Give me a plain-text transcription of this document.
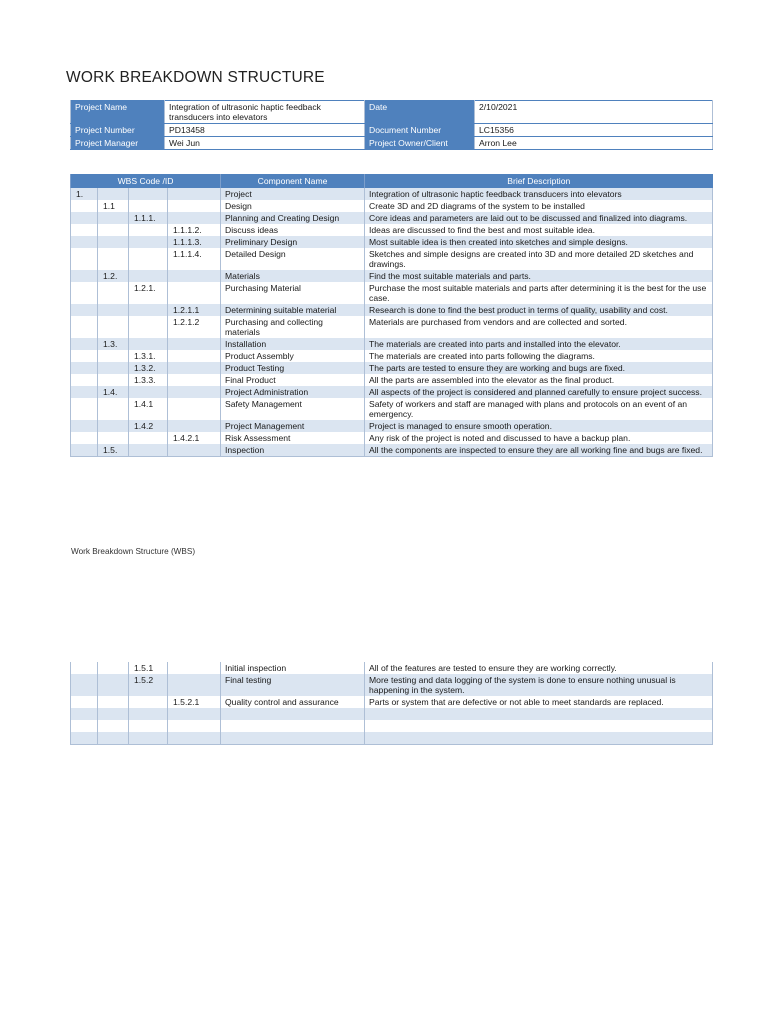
WORK BREAKDOWN STRUCTURE
Project Name	Integration of ultrasonic haptic feedback transducers into elevators	Date	2/10/2021
Project Number	PD13458	Document Number	LC15356
Project Manager	Wei Jun	Project Owner/Client	Arron Lee
WBS Code /ID				Component Name	Brief Description
1.				Project	Integration of ultrasonic haptic feedback transducers into elevators
	1.1			Design	Create 3D and 2D diagrams of the system to be installed
		1.1.1.		Planning and Creating Design	Core ideas and parameters are laid out to be discussed and finalized into diagrams.
			1.1.1.2.	Discuss ideas	Ideas are discussed to find the best and most suitable idea.
			1.1.1.3.	Preliminary Design	Most suitable idea is then created into sketches and simple designs.
			1.1.1.4.	Detailed Design	Sketches and simple designs are created into 3D and more detailed 2D sketches and drawings.
	1.2.			Materials	Find the most suitable materials and parts.
		1.2.1.		Purchasing Material	Purchase the most suitable materials and parts after determining it is the best for the use case.
			1.2.1.1	Determining suitable material	Research is done to find the best product in terms of quality, usability and cost.
			1.2.1.2	Purchasing and collecting materials	Materials are purchased from vendors and are collected and sorted.
	1.3.			Installation	The materials are created into parts and installed into the elevator.
		1.3.1.		Product Assembly	The materials are created into parts following the diagrams.
		1.3.2.		Product Testing	The parts are tested to ensure they are working and bugs are fixed.
		1.3.3.		Final Product	All the parts are assembled into the elevator as the final product.
	1.4.			Project Administration	All aspects of the project is considered and planned carefully to ensure project success.
		1.4.1		Safety Management	Safety of workers and staff are managed with plans and protocols on an event of an emergency.
		1.4.2		Project Management	Project is managed to ensure smooth operation.
			1.4.2.1	Risk Assessment	Any risk of the project is noted and discussed to have a backup plan.
	1.5.			Inspection	All the components are inspected to ensure they are all working fine and bugs are fixed.
Work Breakdown Structure (WBS)
		1.5.1		Initial inspection	All of the features are tested to ensure they are working correctly.
		1.5.2		Final testing	More testing and data logging of the system is done to ensure nothing unusual is happening in the system.
			1.5.2.1	Quality control and assurance	Parts or system that are defective or not able to meet standards are replaced.
